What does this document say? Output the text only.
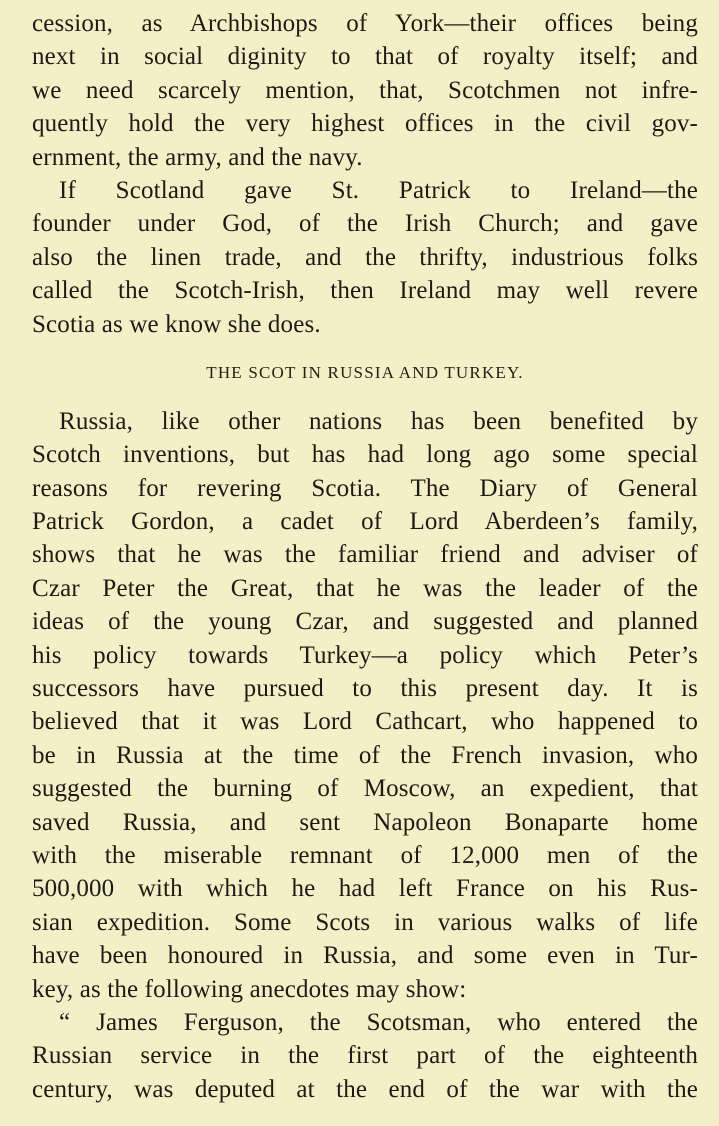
cession, as Archbishops of York—their offices being
next in social diginity to that of royalty itself; and
we need scarcely mention, that, Scotchmen not infre-
quently hold the very highest offices in the civil gov-
ernment, the army, and the navy.
If Scotland gave St. Patrick to Ireland—the
founder under God, of the Irish Church; and gave
also the linen trade, and the thrifty, industrious folks
called the Scotch-Irish, then Ireland may well revere
Scotia as we know she does.
THE SCOT IN RUSSIA AND TURKEY.
Russia, like other nations has been benefited by
Scotch inventions, but has had long ago some special
reasons for revering Scotia. The Diary of General
Patrick Gordon, a cadet of Lord Aberdeen’s family,
shows that he was the familiar friend and adviser of
Czar Peter the Great, that he was the leader of the
ideas of the young Czar, and suggested and planned
his policy towards Turkey—a policy which Peter’s
successors have pursued to this present day. It is
believed that it was Lord Cathcart, who happened to
be in Russia at the time of the French invasion, who
suggested the burning of Moscow, an expedient, that
saved Russia, and sent Napoleon Bonaparte home
with the miserable remnant of 12,000 men of the
500,000 with which he had left France on his Rus-
sian expedition. Some Scots in various walks of life
have been honoured in Russia, and some even in Tur-
key, as the following anecdotes may show:
“ James Ferguson, the Scotsman, who entered the
Russian service in the first part of the eighteenth
century, was deputed at the end of the war with the
